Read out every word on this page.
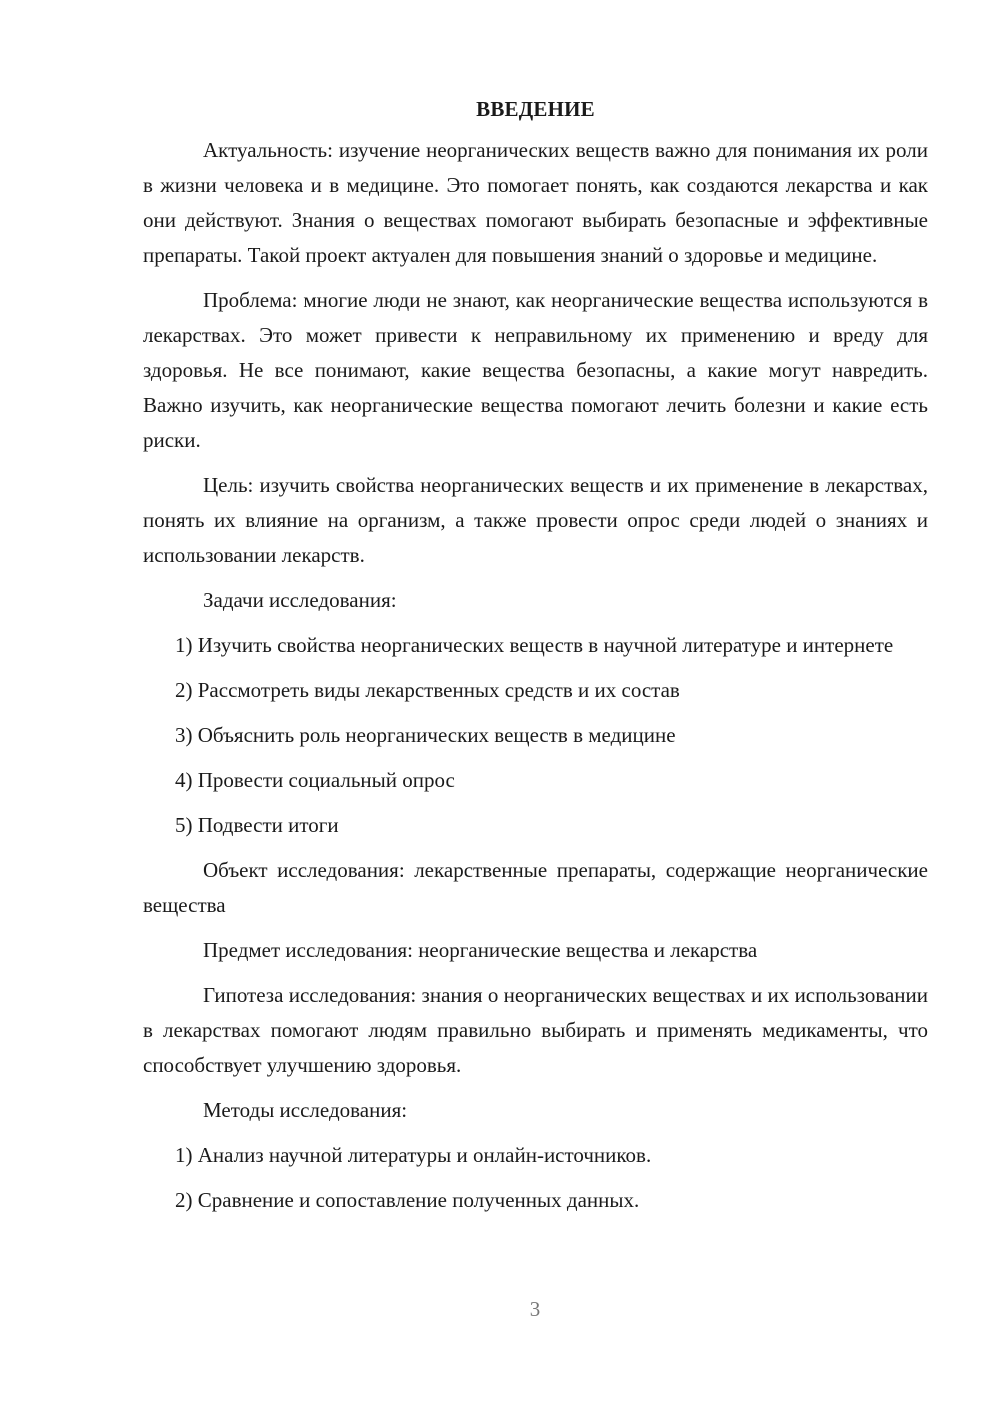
ВВЕДЕНИЕ

Актуальность: изучение неорганических веществ важно для понимания их роли в жизни человека и в медицине. Это помогает понять, как создаются лекарства и как они действуют. Знания о веществах помогают выбирать безопасные и эффективные препараты. Такой проект актуален для повышения знаний о здоровье и медицине.

Проблема: многие люди не знают, как неорганические вещества используются в лекарствах. Это может привести к неправильному их применению и вреду для здоровья. Не все понимают, какие вещества безопасны, а какие могут навредить. Важно изучить, как неорганические вещества помогают лечить болезни и какие есть риски.

Цель: изучить свойства неорганических веществ и их применение в лекарствах, понять их влияние на организм, а также провести опрос среди людей о знаниях и использовании лекарств.

Задачи исследования:

1) Изучить свойства неорганических веществ в научной литературе и интернете

2) Рассмотреть виды лекарственных средств и их состав

3) Объяснить роль неорганических веществ в медицине

4) Провести социальный опрос

5) Подвести итоги

Объект исследования: лекарственные препараты, содержащие неорганические вещества

Предмет исследования: неорганические вещества и лекарства

Гипотеза исследования: знания о неорганических веществах и их использовании в лекарствах помогают людям правильно выбирать и применять медикаменты, что способствует улучшению здоровья.

Методы исследования:

1) Анализ научной литературы и онлайн-источников.

2) Сравнение и сопоставление полученных данных.

3
